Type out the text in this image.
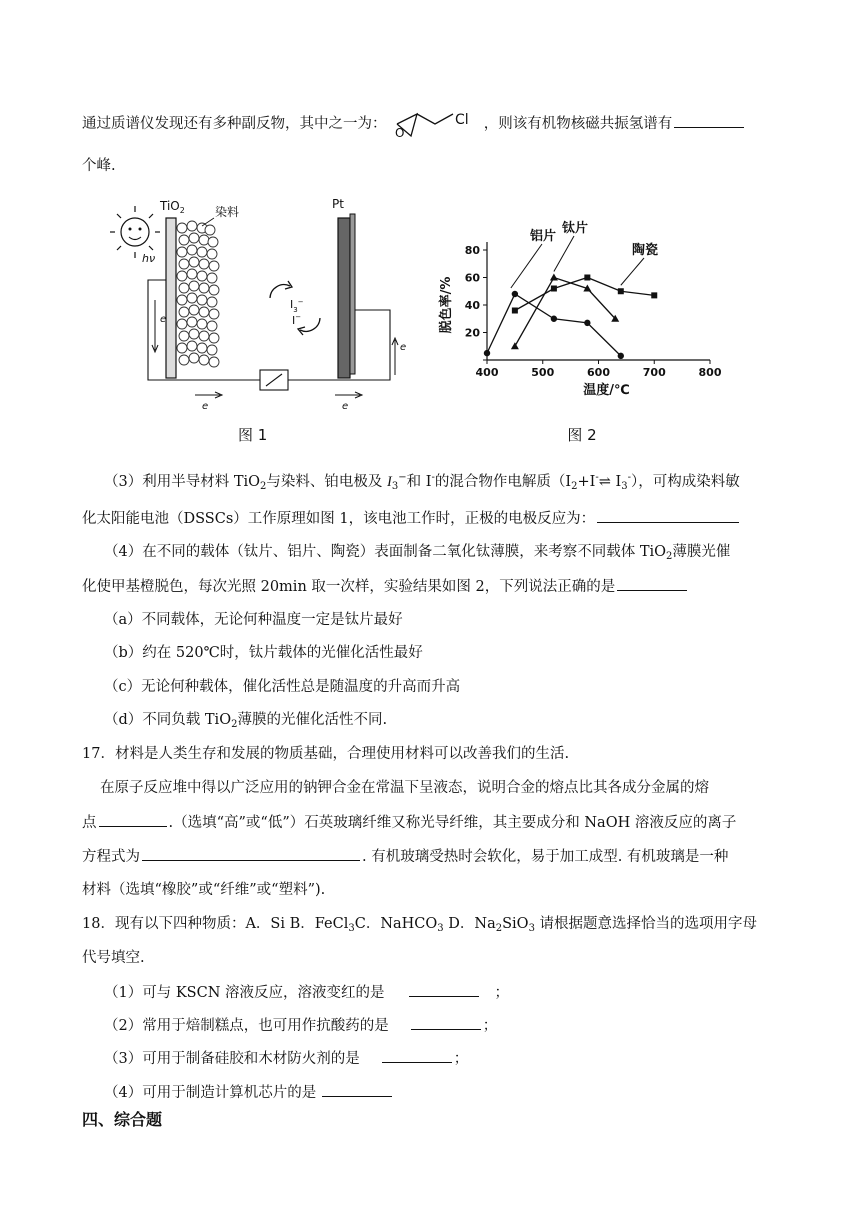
通过质谱仪发现还有多种副反物，其中之一为：
O
Cl ，则该有机物核磁共振氢谱有
个峰.
hν
TiO$_2$	染料
Pt
$I_3^-$
I−
e
e
e	e
图 1
400	500	600	700	800
20
40
60
80
温度/℃
脱色率/%
铝片
钛片
陶瓷
图 2
（3）利用半导材料 TiO$_2$与染料、铂电极及 $I_3^-$和 I-的混合物作电解质（$I_2+I^-\rightleftharpoons$ $I_3^-$），可构成染料敏
化太阳能电池（DSSCs）工作原理如图 1，该电池工作时，正极的电极反应为：
（4）在不同的载体（钛片、铝片、陶瓷）表面制备二氧化钛薄膜，来考察不同载体 TiO$_2$薄膜光催
化使甲基橙脱色，每次光照 20min 取一次样，实验结果如图 2，下列说法正确的是
（a）不同载体，无论何种温度一定是钛片最好
（b）约在 520℃时，钛片载体的光催化活性最好
（c）无论何种载体，催化活性总是随温度的升高而升高
（d）不同负载 TiO$_2$薄膜的光催化活性不同.
17．材料是人类生存和发展的物质基础，合理使用材料可以改善我们的生活.
在原子反应堆中得以广泛应用的钠钾合金在常温下呈液态，说明合金的熔点比其各成分金属的熔
点	.（选填“高”或“低”）石英玻璃纤维又称光导纤维，其主要成分和 NaOH 溶液反应的离子
方程式为	. 有机玻璃受热时会软化，易于加工成型. 有机玻璃是一种
材料（选填“橡胶”或“纤维”或“塑料”).
18．现有以下四种物质：A．Si B．FeCl$_3$C．NaHCO$_3$ D．$Na_2SiO_3$ 请根据题意选择恰当的选项用字母
代号填空.
（1）可与 KSCN 溶液反应，溶液变红的是	；
（2）常用于焙制糕点，也可用作抗酸药的是	；
（3）可用于制备硅胶和木材防火剂的是	；
（4）可用于制造计算机芯片的是
四、综合题
